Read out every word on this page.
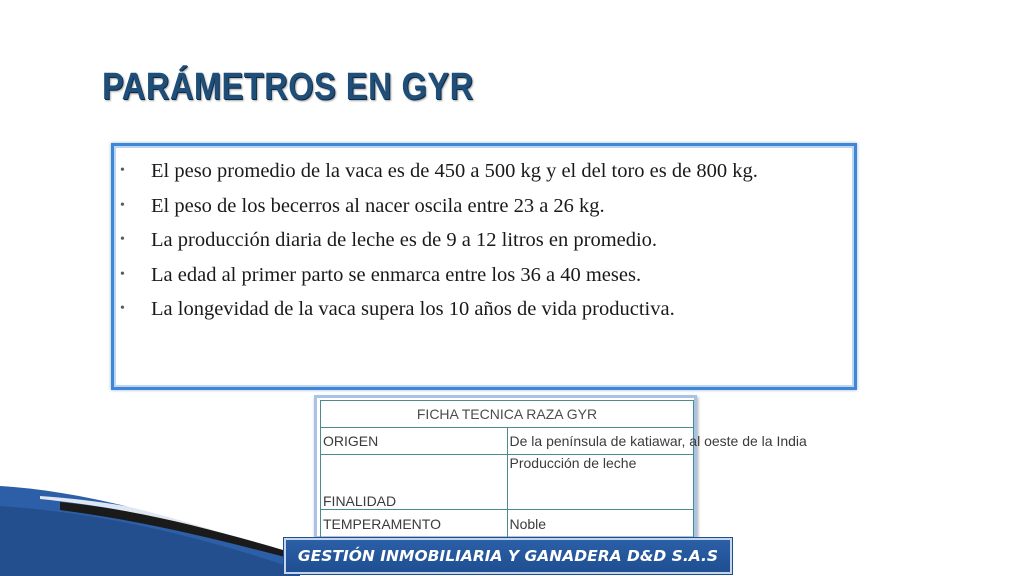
PARÁMETROS EN GYR
• El peso promedio de la vaca es de 450 a 500 kg y el del toro es de 800 kg.
• El peso de los becerros al nacer oscila entre 23 a 26 kg.
• La producción diaria de leche es de 9 a 12 litros en promedio.
• La edad al primer parto se enmarca entre los 36 a 40 meses.
• La longevidad de la vaca supera los 10 años de vida productiva.
FICHA TECNICA RAZA GYR	
ORIGEN	De la península de katiawar, al oeste de la India
FINALIDAD	Producción de leche
TEMPERAMENTO	Noble
GESTIÓN INMOBILIARIA Y GANADERA D&D S.A.S
